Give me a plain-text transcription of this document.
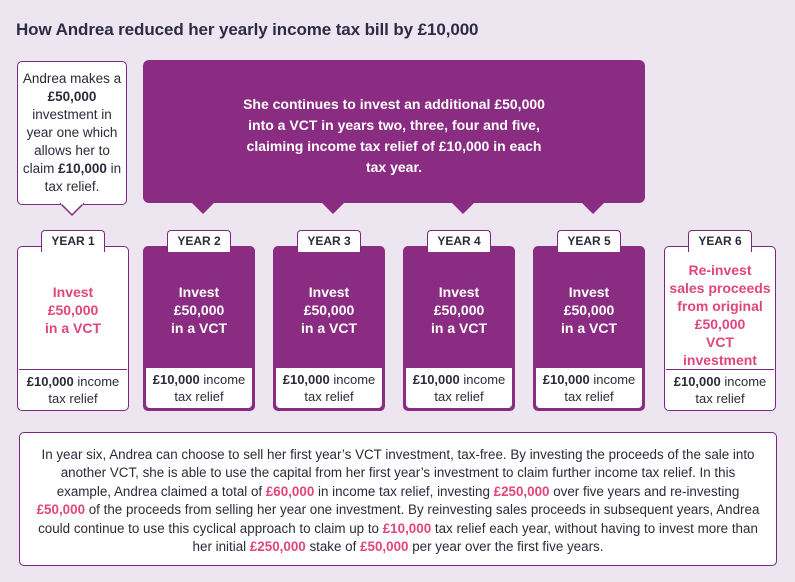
How Andrea reduced her yearly income tax bill by £10,000
Andrea makes a £50,000 investment in year one which allows her to claim £10,000 in tax relief.
She continues to invest an additional £50,000 into a VCT in years two, three, four and five, claiming income tax relief of £10,000 in each tax year.
Invest
£50,000
in a VCT
£10,000 income
tax relief
YEAR 1
Invest
£50,000
in a VCT
£10,000 income
tax relief
YEAR 2
Invest
£50,000
in a VCT
£10,000 income
tax relief
YEAR 3
Invest
£50,000
in a VCT
£10,000 income
tax relief
YEAR 4
Invest
£50,000
in a VCT
£10,000 income
tax relief
YEAR 5
Re-invest
sales proceeds
from original
£50,000
VCT
investment
£10,000 income
tax relief
YEAR 6
In year six, Andrea can choose to sell her first year’s VCT investment, tax-free. By investing the proceeds of the sale into another VCT, she is able to use the capital from her first year’s investment to claim further income tax relief. In this example, Andrea claimed a total of £60,000 in income tax relief, investing £250,000 over five years and re-investing £50,000 of the proceeds from selling her year one investment. By reinvesting sales proceeds in subsequent years, Andrea could continue to use this cyclical approach to claim up to £10,000 tax relief each year, without having to invest more than her initial £250,000 stake of £50,000 per year over the first five years.
